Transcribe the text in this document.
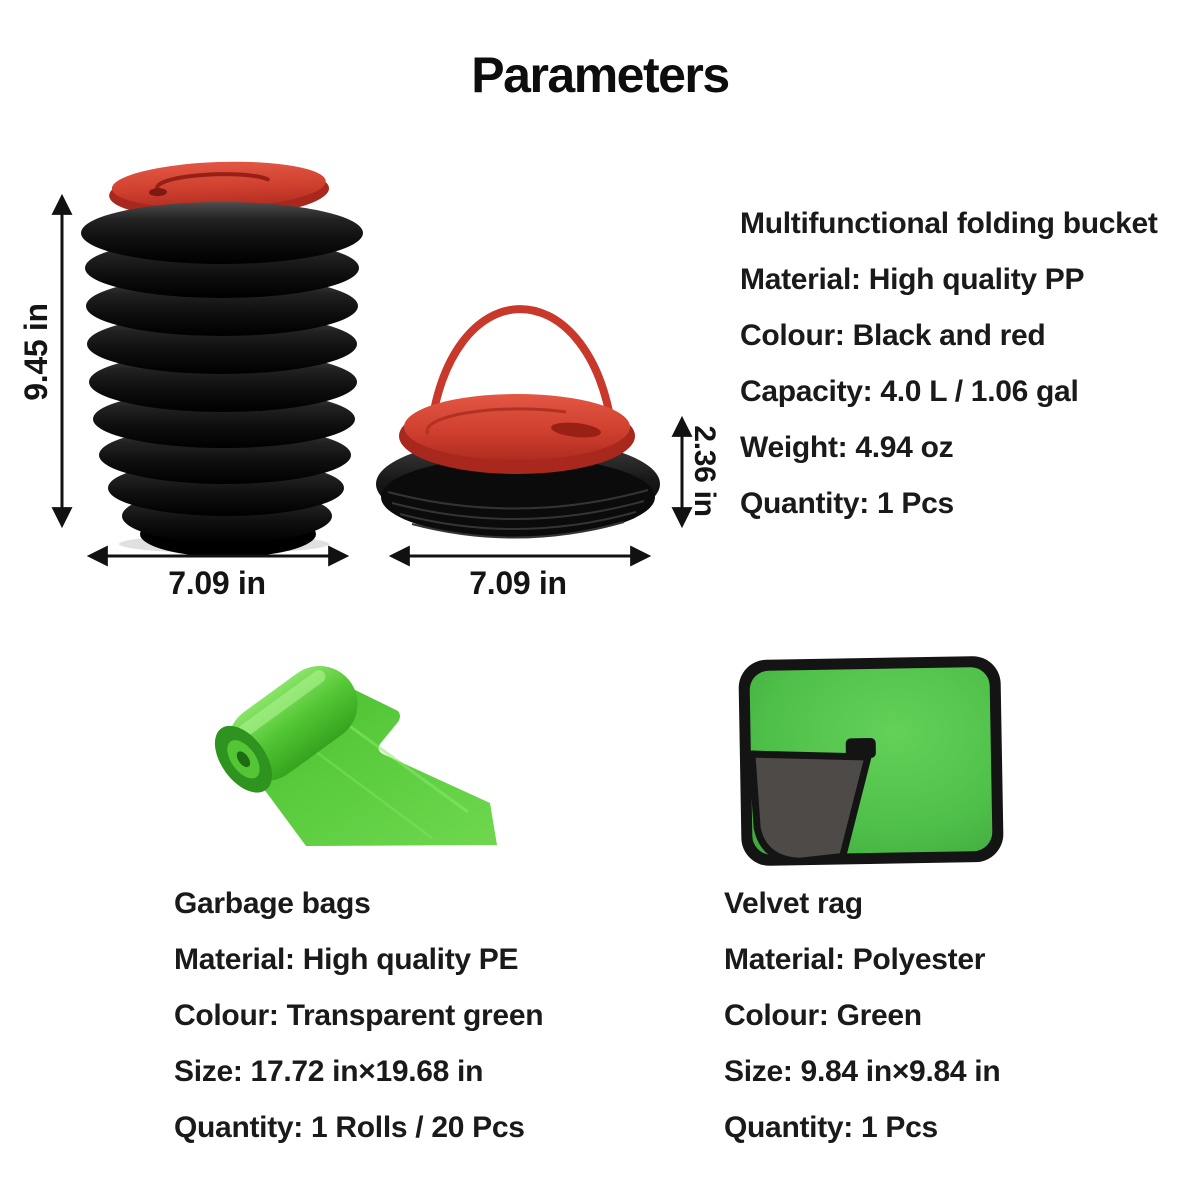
Parameters
9.45 in
7.09 in	7.09 in
2.36 in
Multifunctional folding bucket
Material: High quality PP
Colour: Black and red
Capacity: 4.0 L / 1.06 gal
Weight: 4.94 oz
Quantity: 1 Pcs
Garbage bags
Material: High quality PE
Colour: Transparent green
Size: 17.72 in×19.68 in
Quantity: 1 Rolls / 20 Pcs
Velvet rag
Material: Polyester
Colour: Green
Size: 9.84 in×9.84 in
Quantity: 1 Pcs
